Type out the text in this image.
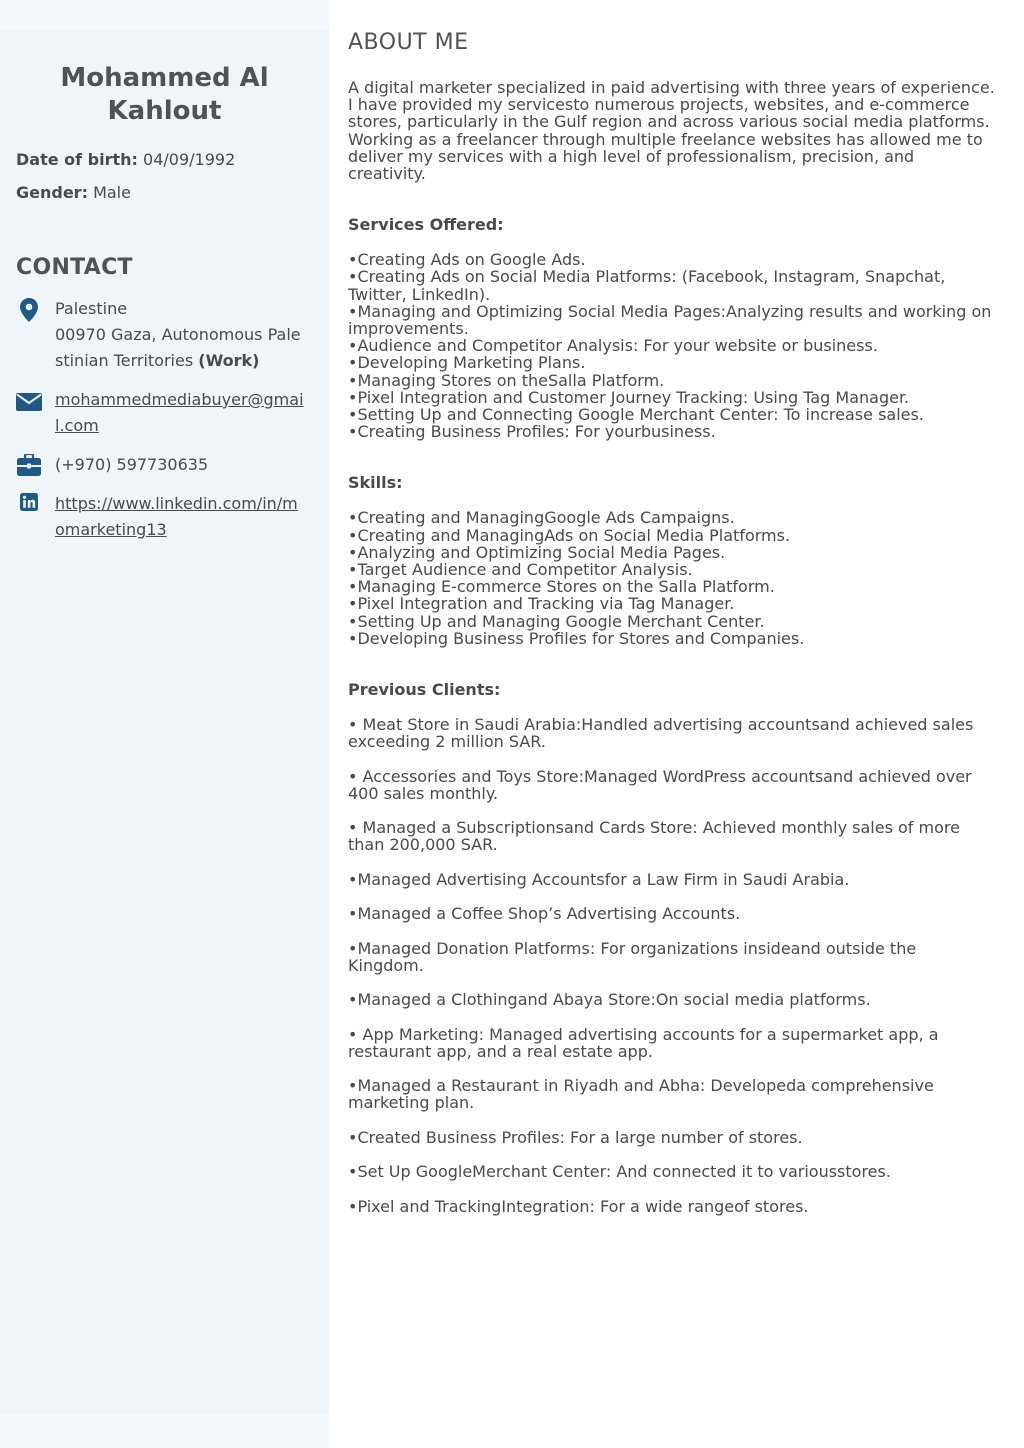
Mohammed Al Kahlout
Date of birth: 04/09/1992
Gender: Male
CONTACT
Palestine
00970 Gaza, Autonomous Palestinian Territories (Work)
mohammedmediabuyer@gmail.com
(+970) 597730635
https://www.linkedin.com/in/momarketing13
ABOUT ME

A digital marketer specialized in paid advertising with three years of experience. I have provided my servicesto numerous projects, websites, and e-commerce stores, particularly in the Gulf region and across various social media platforms. Working as a freelancer through multiple freelance websites has allowed me to deliver my services with a high level of professionalism, precision, and creativity.

Services Offered:
•Creating Ads on Google Ads.
•Creating Ads on Social Media Platforms: (Facebook, Instagram, Snapchat, Twitter, LinkedIn).
•Managing and Optimizing Social Media Pages:Analyzing results and working on improvements.
•Audience and Competitor Analysis: For your website or business.
•Developing Marketing Plans.
•Managing Stores on theSalla Platform.
•Pixel Integration and Customer Journey Tracking: Using Tag Manager.
•Setting Up and Connecting Google Merchant Center: To increase sales.
•Creating Business Profiles: For yourbusiness.
Skills:
•Creating and ManagingGoogle Ads Campaigns.
•Creating and ManagingAds on Social Media Platforms.
•Analyzing and Optimizing Social Media Pages.
•Target Audience and Competitor Analysis.
•Managing E-commerce Stores on the Salla Platform.
•Pixel Integration and Tracking via Tag Manager.
•Setting Up and Managing Google Merchant Center.
•Developing Business Profiles for Stores and Companies.
Previous Clients:
• Meat Store in Saudi Arabia:Handled advertising accountsand achieved sales exceeding 2 million SAR.
• Accessories and Toys Store:Managed WordPress accountsand achieved over 400 sales monthly.
• Managed a Subscriptionsand Cards Store: Achieved monthly sales of more than 200,000 SAR.
•Managed Advertising Accountsfor a Law Firm in Saudi Arabia.
•Managed a Coffee Shop’s Advertising Accounts.
•Managed Donation Platforms: For organizations insideand outside the Kingdom.
•Managed a Clothingand Abaya Store:On social media platforms.
• App Marketing: Managed advertising accounts for a supermarket app, a restaurant app, and a real estate app.
•Managed a Restaurant in Riyadh and Abha: Developeda comprehensive marketing plan.
•Created Business Profiles: For a large number of stores.
•Set Up GoogleMerchant Center: And connected it to variousstores.
•Pixel and TrackingIntegration: For a wide rangeof stores.
